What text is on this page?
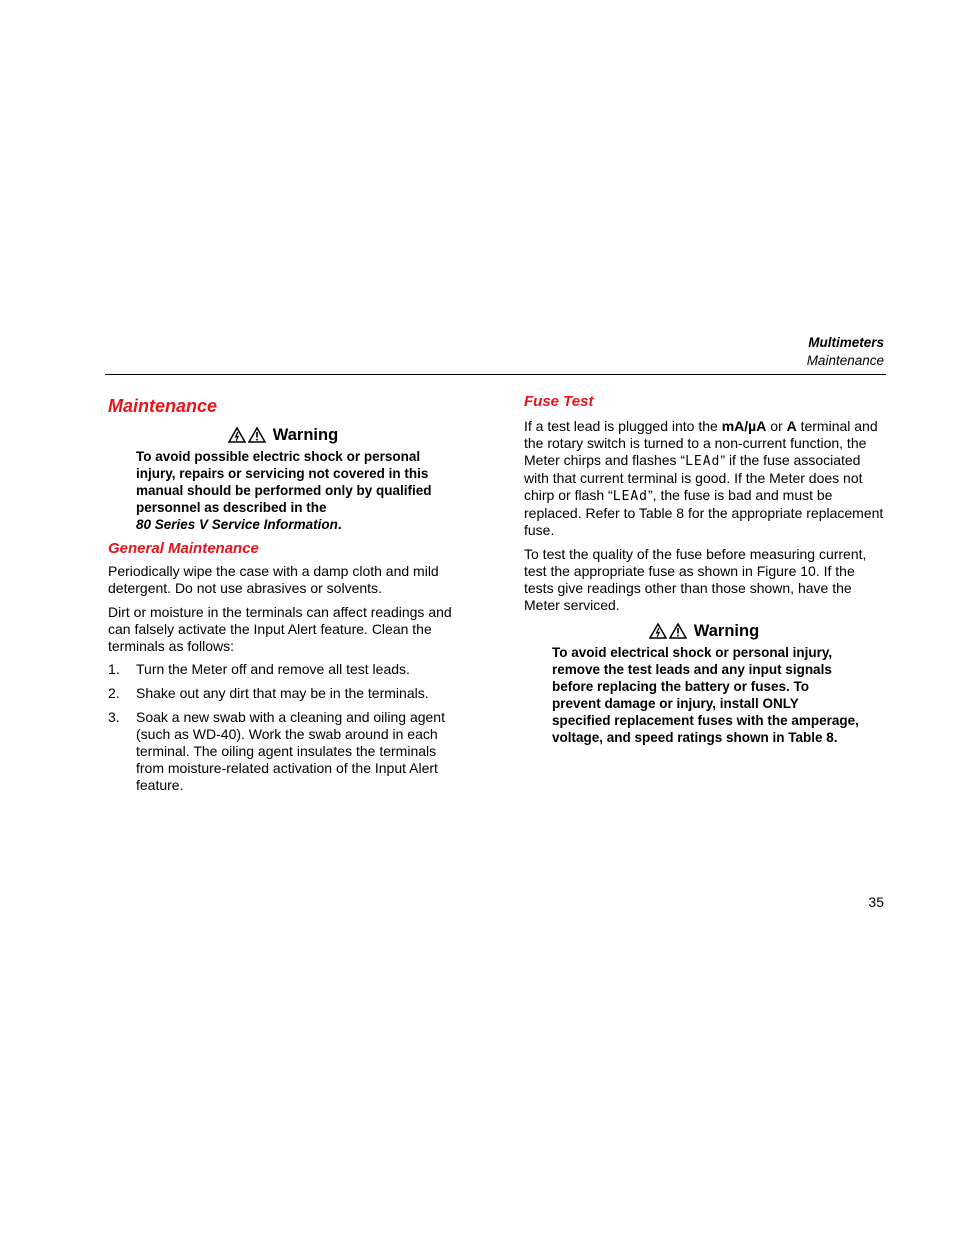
Multimeters
Maintenance
Maintenance
Warning
To avoid possible electric shock or personal injury, repairs or servicing not covered in this manual should be performed only by qualified personnel as described in the
80 Series V Service Information.
General Maintenance

Periodically wipe the case with a damp cloth and mild detergent. Do not use abrasives or solvents.

Dirt or moisture in the terminals can affect readings and can falsely activate the Input Alert feature. Clean the terminals as follows:

1. Turn the Meter off and remove all test leads.
2. Shake out any dirt that may be in the terminals.
3. Soak a new swab with a cleaning and oiling agent (such as WD-40). Work the swab around in each terminal. The oiling agent insulates the terminals from moisture-related activation of the Input Alert feature.
Fuse Test

If a test lead is plugged into the mA/µA or A terminal and the rotary switch is turned to a non-current function, the Meter chirps and flashes “LEAd” if the fuse associated with that current terminal is good. If the Meter does not chirp or flash “LEAd”, the fuse is bad and must be replaced. Refer to Table 8 for the appropriate replacement fuse.

To test the quality of the fuse before measuring current, test the appropriate fuse as shown in Figure 10. If the tests give readings other than those shown, have the Meter serviced.

Warning
To avoid electrical shock or personal injury, remove the test leads and any input signals before replacing the battery or fuses. To prevent damage or injury, install ONLY specified replacement fuses with the amperage, voltage, and speed ratings shown in Table 8.
35
